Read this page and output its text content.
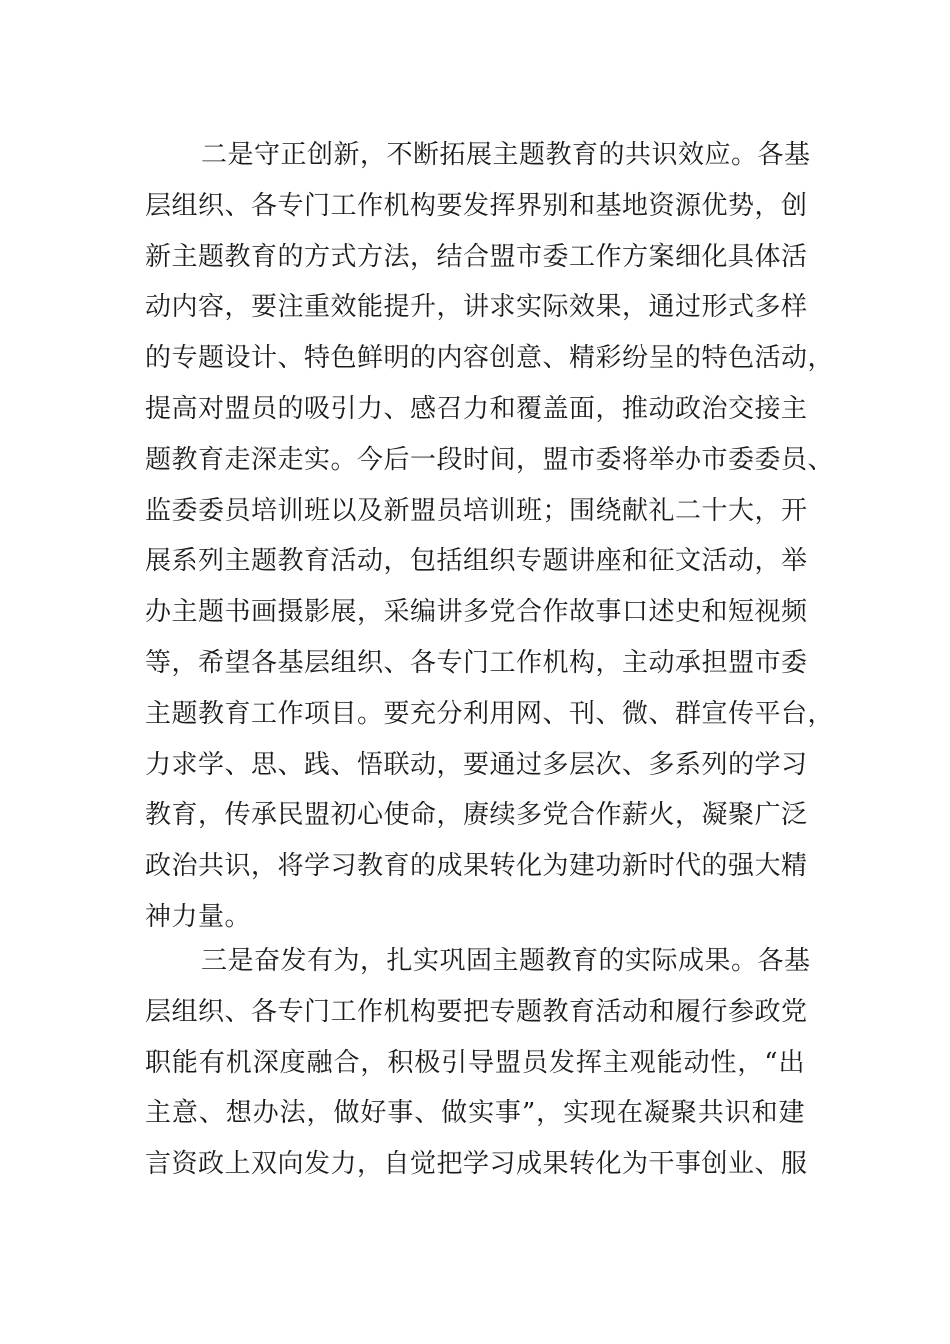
二是守正创新，不断拓展主题教育的共识效应。各基
层组织、各专门工作机构要发挥界别和基地资源优势，创
新主题教育的方式方法，结合盟市委工作方案细化具体活
动内容，要注重效能提升，讲求实际效果，通过形式多样
的专题设计、特色鲜明的内容创意、精彩纷呈的特色活动，
提高对盟员的吸引力、感召力和覆盖面，推动政治交接主
题教育走深走实。今后一段时间，盟市委将举办市委委员、
监委委员培训班以及新盟员培训班；围绕献礼二十大，开
展系列主题教育活动，包括组织专题讲座和征文活动，举
办主题书画摄影展，采编讲多党合作故事口述史和短视频
等，希望各基层组织、各专门工作机构，主动承担盟市委
主题教育工作项目。要充分利用网、刊、微、群宣传平台，
力求学、思、践、悟联动，要通过多层次、多系列的学习
教育，传承民盟初心使命，赓续多党合作薪火，凝聚广泛
政治共识，将学习教育的成果转化为建功新时代的强大精
神力量。
三是奋发有为，扎实巩固主题教育的实际成果。各基
层组织、各专门工作机构要把专题教育活动和履行参政党
职能有机深度融合，积极引导盟员发挥主观能动性，“出
主意、想办法，做好事、做实事”，实现在凝聚共识和建
言资政上双向发力，自觉把学习成果转化为干事创业、服
